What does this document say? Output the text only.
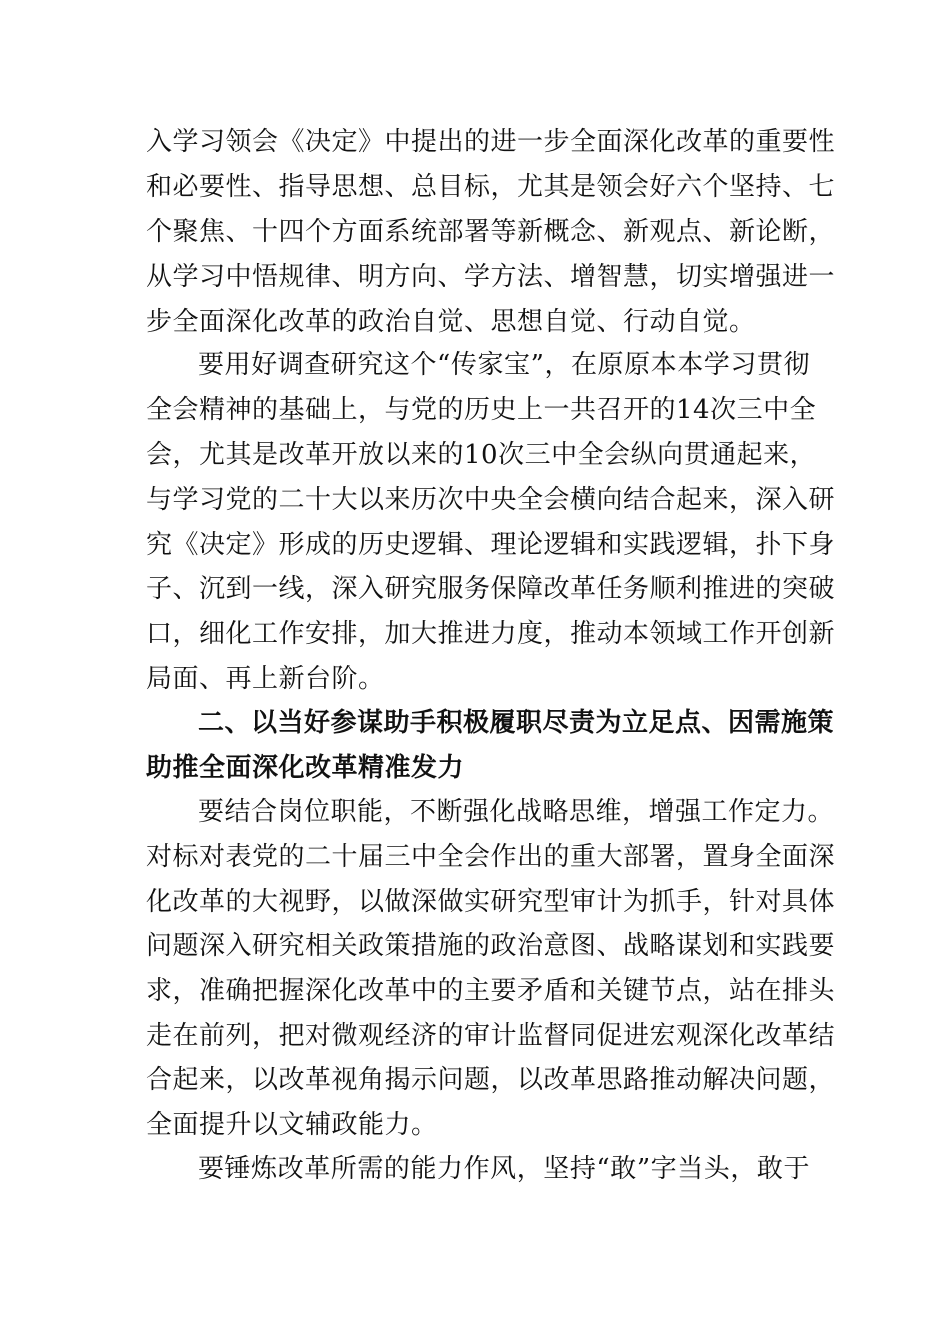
入学习领会《决定》中提出的进一步全面深化改革的重要性
和必要性、指导思想、总目标，尤其是领会好六个坚持、七
个聚焦、十四个方面系统部署等新概念、新观点、新论断，
从学习中悟规律、明方向、学方法、增智慧，切实增强进一
步全面深化改革的政治自觉、思想自觉、行动自觉。
要用好调查研究这个“传家宝”，在原原本本学习贯彻
全会精神的基础上，与党的历史上一共召开的14次三中全
会，尤其是改革开放以来的10次三中全会纵向贯通起来，
与学习党的二十大以来历次中央全会横向结合起来，深入研
究《决定》形成的历史逻辑、理论逻辑和实践逻辑，扑下身
子、沉到一线，深入研究服务保障改革任务顺利推进的突破
口，细化工作安排，加大推进力度，推动本领域工作开创新
局面、再上新台阶。
二、以当好参谋助手积极履职尽责为立足点、因需施策
助推全面深化改革精准发力
要结合岗位职能，不断强化战略思维，增强工作定力。
对标对表党的二十届三中全会作出的重大部署，置身全面深
化改革的大视野，以做深做实研究型审计为抓手，针对具体
问题深入研究相关政策措施的政治意图、战略谋划和实践要
求，准确把握深化改革中的主要矛盾和关键节点，站在排头
走在前列，把对微观经济的审计监督同促进宏观深化改革结
合起来，以改革视角揭示问题，以改革思路推动解决问题，
全面提升以文辅政能力。
要锤炼改革所需的能力作风，坚持“敢”字当头，敢于
